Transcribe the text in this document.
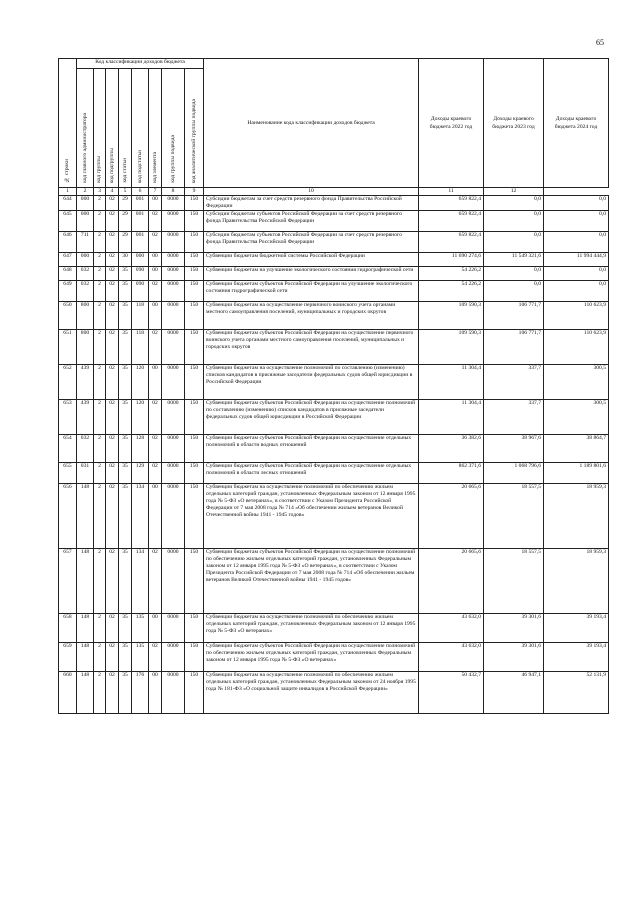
65
№ строки	Код классификации доходов бюджета								Наименование кода классификации доходов бюджета	Доходы краевого бюджета 2022 год	Доходы краевого бюджета 2023 год	Доходы краевого бюджета 2024 год

	код главного администратора	код группы	код подгруппы	код статьи	код подстатьи	код элемента	код группы подвида	код аналитической группы подвида				

1	2	3	4	5	6	7	8	9	10	11	12	
644	000	2	02	29	001	00	0000	150	Субсидии бюджетам за счет средств резервного фонда Правительства Российской Федерации	659 822,4	0,0	0,0
645	000	2	02	29	001	02	0000	150	Субсидии бюджетам субъектов Российской Федерации за счет средств резервного фонда Правительства Российской Федерации	659 822,4	0,0	0,0
646	711	2	02	29	001	02	0000	150	Субсидии бюджетам субъектов Российской Федерации за счет средств резервного фонда Правительства Российской Федерации	659 822,4	0,0	0,0
647	000	2	02	30	000	00	0000	150	Субвенции бюджетам бюджетной системы Российской Федерации	11 690 274,6	11 549 321,6	11 994 444,9
648	032	2	02	35	090	00	0000	150	Субвенции бюджетам на улучшение экологического состояния гидрографической сети	54 226,2	0,0	0,0
649	032	2	02	35	090	02	0000	150	Субвенции бюджетам субъектов Российской Федерации на улучшение экологического состояния гидрографической сети	54 226,2	0,0	0,0
650	800	2	02	35	118	00	0000	150	Субвенции бюджетам на осуществление первичного воинского учета органами местного самоуправления поселений, муниципальных и городских округов	109 590,3	106 771,7	110 623,9
651	800	2	02	35	118	02	0000	150	Субвенции бюджетам субъектов Российской Федерации на осуществление первичного воинского учета органами местного самоуправления поселений, муниципальных и городских округов	109 590,3	106 771,7	110 623,9
652	439	2	02	35	120	00	0000	150	Субвенции бюджетам на осуществление полномочий по составлению (изменению) списков кандидатов в присяжные заседатели федеральных судов общей юрисдикции в Российской Федерации	11 304,4	337,7	300,5
653	439	2	02	35	120	02	0000	150	Субвенции бюджетам субъектов Российской Федерации на осуществление полномочий по составлению (изменению) списков кандидатов в присяжные заседатели федеральных судов общей юрисдикции в Российской Федерации	11 304,4	337,7	300,5
654	032	2	02	35	128	02	0000	150	Субвенции бюджетам субъектов Российской Федерации на осуществление отдельных полномочий в области водных отношений	36 382,6	38 967,6	38 864,7
655	031	2	02	35	129	02	0000	150	Субвенции бюджетам субъектов Российской Федерации на осуществление отдельных полномочий в области лесных отношений	862 371,6	1 068 796,6	1 189 801,6
656	148	2	02	35	134	00	0000	150	Субвенции бюджетам на осуществление полномочий по обеспечению жильем отдельных категорий граждан, установленных Федеральным законом от 12 января 1995 года № 5-ФЗ «О ветеранах», в соответствии с Указом Президента Российской Федерации от 7 мая 2008 года № 714 «Об обеспечении жильем ветеранов Великой Отечественной войны 1941 - 1945 годов»	20 665,6	18 557,5	18 959,3
657	148	2	02	35	134	02	0000	150	Субвенции бюджетам субъектов Российской Федерации на осуществление полномочий по обеспечению жильем отдельных категорий граждан, установленных Федеральным законом от 12 января 1995 года № 5-ФЗ «О ветеранах», в соответствии с Указом Президента Российской Федерации от 7 мая 2008 года № 714 «Об обеспечении жильем ветеранов Великой Отечественной войны 1941 - 1945 годов»	20 665,6	18 557,5	18 959,3
658	148	2	02	35	135	00	0000	150	Субвенции бюджетам на осуществление полномочий по обеспечению жильем отдельных категорий граждан, установленных Федеральным законом от 12 января 1995 года № 5-ФЗ «О ветеранах»	43 632,0	39 301,6	39 193,4
659	148	2	02	35	135	02	0000	150	Субвенции бюджетам субъектов Российской Федерации на осуществление полномочий по обеспечению жильем отдельных категорий граждан, установленных Федеральным законом от 12 января 1995 года № 5-ФЗ «О ветеранах»	43 632,0	39 301,6	39 193,4
660	148	2	02	35	176	00	0000	150	Субвенции бюджетам на осуществление полномочий по обеспечению жильем отдельных категорий граждан, установленных Федеральным законом от 24 ноября 1995 года № 181-ФЗ «О социальной защите инвалидов в Российской Федерации»	50 432,7	46 947,1	52 131,9
